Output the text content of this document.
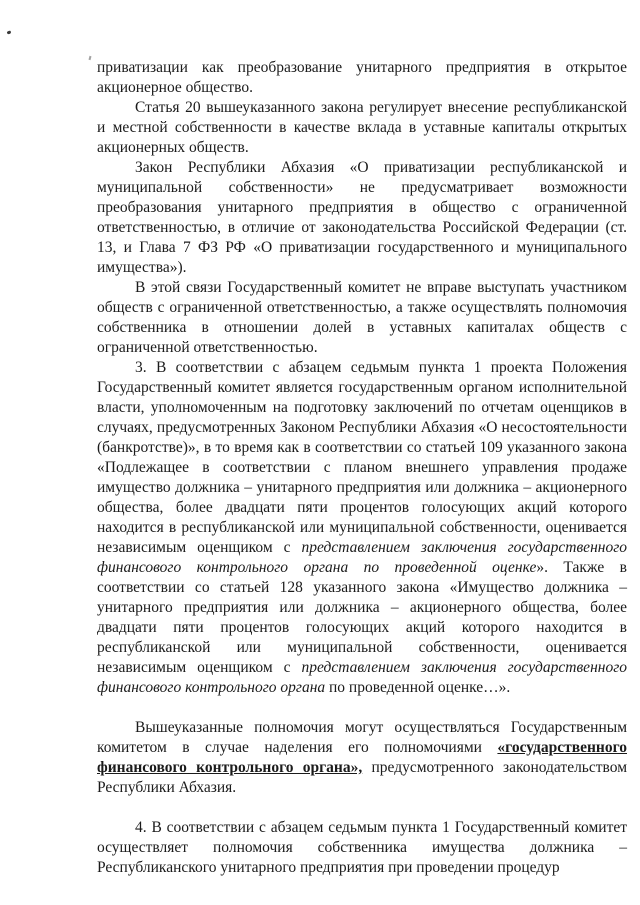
приватизации как преобразование унитарного предприятия в открытое акционерное общество.

Статья 20 вышеуказанного закона регулирует внесение республиканской и местной собственности в качестве вклада в уставные капиталы открытых акционерных обществ.

Закон Республики Абхазия «О приватизации республиканской и муниципальной собственности» не предусматривает возможности преобразования унитарного предприятия в общество с ограниченной ответственностью, в отличие от законодательства Российской Федерации (ст. 13, и Глава 7 ФЗ РФ «О приватизации государственного и муниципального имущества»).

В этой связи Государственный комитет не вправе выступать участником обществ с ограниченной ответственностью, а также осуществлять полномочия собственника в отношении долей в уставных капиталах обществ с ограниченной ответственностью.

3. В соответствии с абзацем седьмым пункта 1 проекта Положения Государственный комитет является государственным органом исполнительной власти, уполномоченным на подготовку заключений по отчетам оценщиков в случаях, предусмотренных Законом Республики Абхазия «О несостоятельности (банкротстве)», в то время как в соответствии со статьей 109 указанного закона «Подлежащее в соответствии с планом внешнего управления продаже имущество должника – унитарного предприятия или должника – акционерного общества, более двадцати пяти процентов голосующих акций которого находится в республиканской или муниципальной собственности, оценивается независимым оценщиком с представлением заключения государственного финансового контрольного органа по проведенной оценке». Также в соответствии со статьей 128 указанного закона «Имущество должника – унитарного предприятия или должника – акционерного общества, более двадцати пяти процентов голосующих акций которого находится в республиканской или муниципальной собственности, оценивается независимым оценщиком с представлением заключения государственного финансового контрольного органа по проведенной оценке…».

Вышеуказанные полномочия могут осуществляться Государственным комитетом в случае наделения его полномочиями «государственного финансового контрольного органа», предусмотренного законодательством Республики Абхазия.

4. В соответствии с абзацем седьмым пункта 1 Государственный комитет осуществляет полномочия собственника имущества должника – Республиканского унитарного предприятия при проведении процедур
